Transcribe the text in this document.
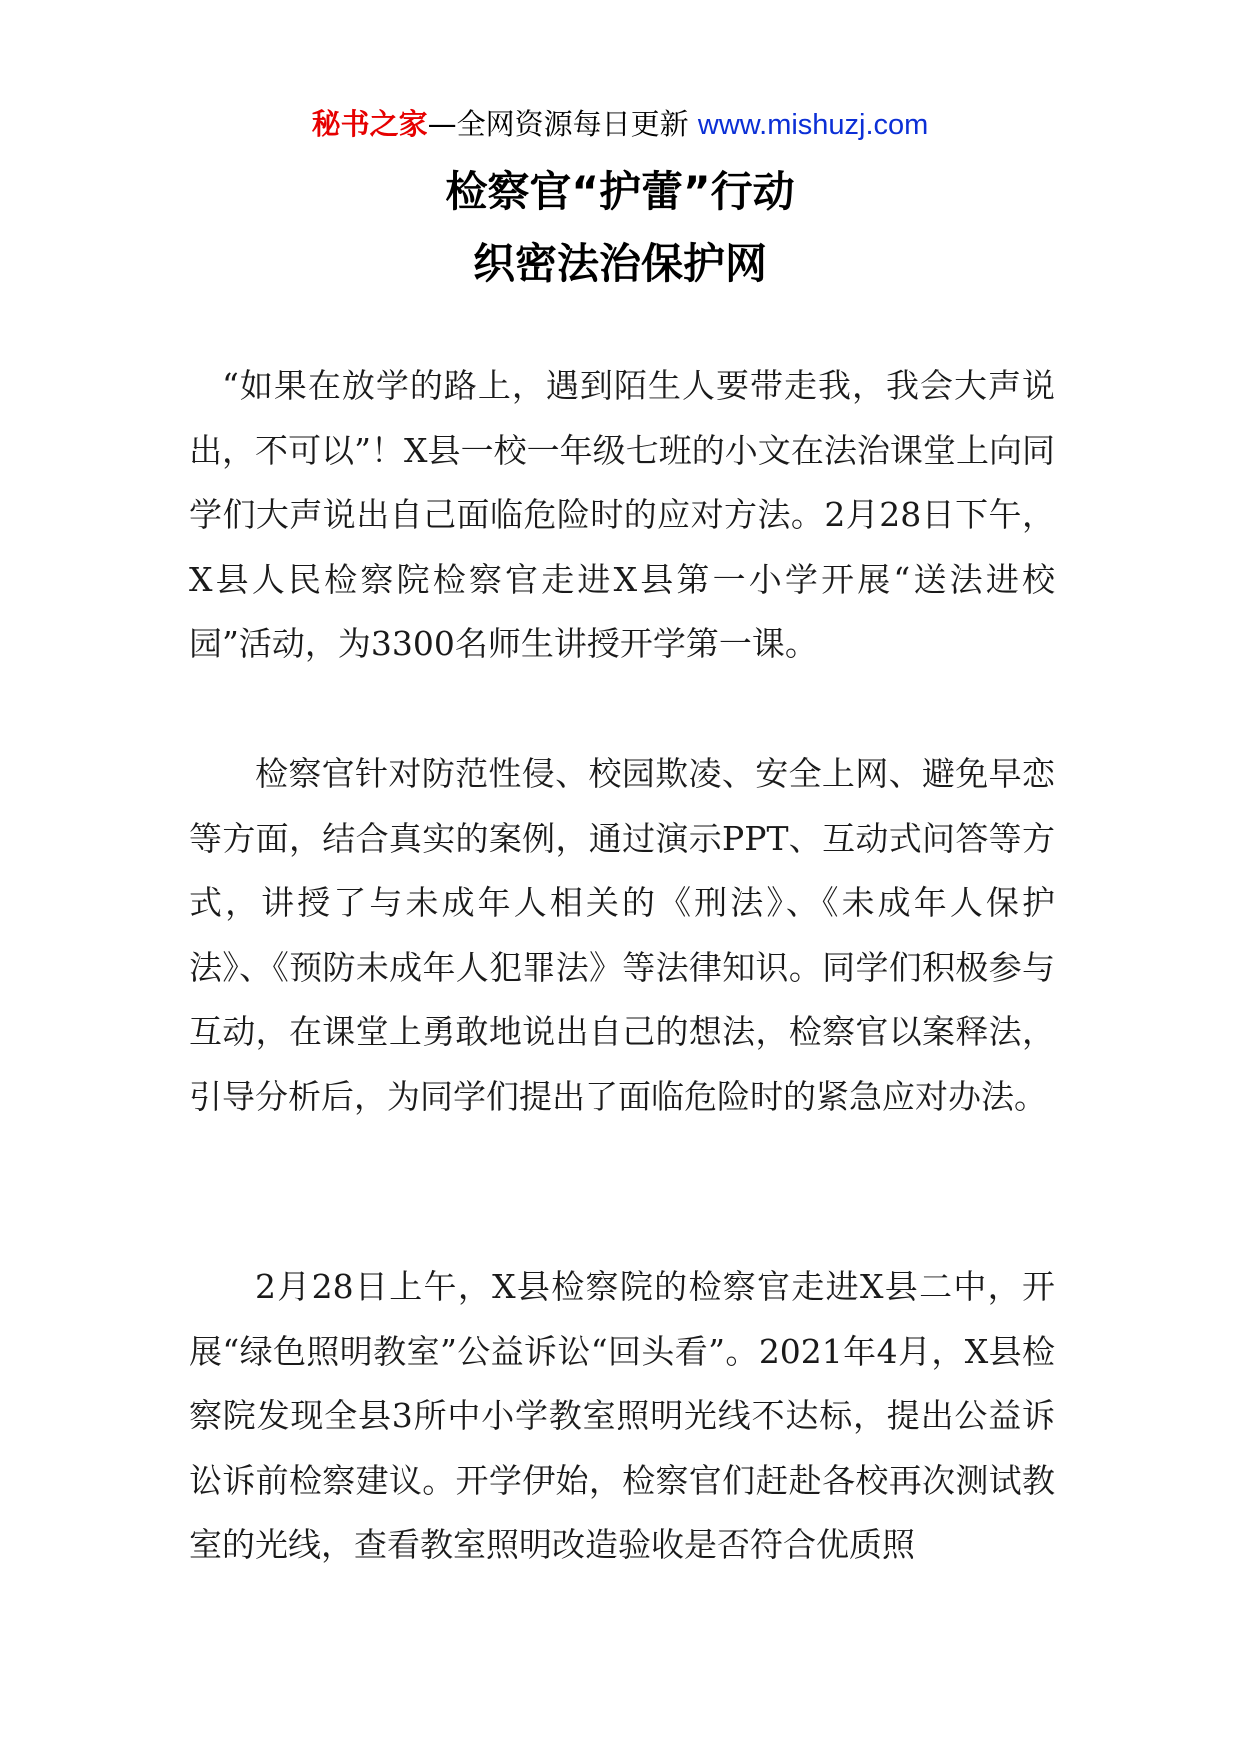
秘书之家—全网资源每日更新 www.mishuzj.com
检察官“护蕾”行动
织密法治保护网

“如果在放学的路上，遇到陌生人要带走我，我会大声说出，不可以”！X县一校一年级七班的小文在法治课堂上向同学们大声说出自己面临危险时的应对方法。2月28日下午，X县人民检察院检察官走进X县第一小学开展“送法进校园”活动，为3300名师生讲授开学第一课。

检察官针对防范性侵、校园欺凌、安全上网、避免早恋等方面，结合真实的案例，通过演示PPT、互动式问答等方式，讲授了与未成年人相关的《刑法》、《未成年人保护法》、《预防未成年人犯罪法》等法律知识。同学们积极参与互动，在课堂上勇敢地说出自己的想法，检察官以案释法，引导分析后，为同学们提出了面临危险时的紧急应对办法。

2月28日上午，X县检察院的检察官走进X县二中，开展“绿色照明教室”公益诉讼“回头看”。2021年4月，X县检察院发现全县3所中小学教室照明光线不达标，提出公益诉讼诉前检察建议。开学伊始，检察官们赶赴各校再次测试教室的光线，查看教室照明改造验收是否符合优质照
